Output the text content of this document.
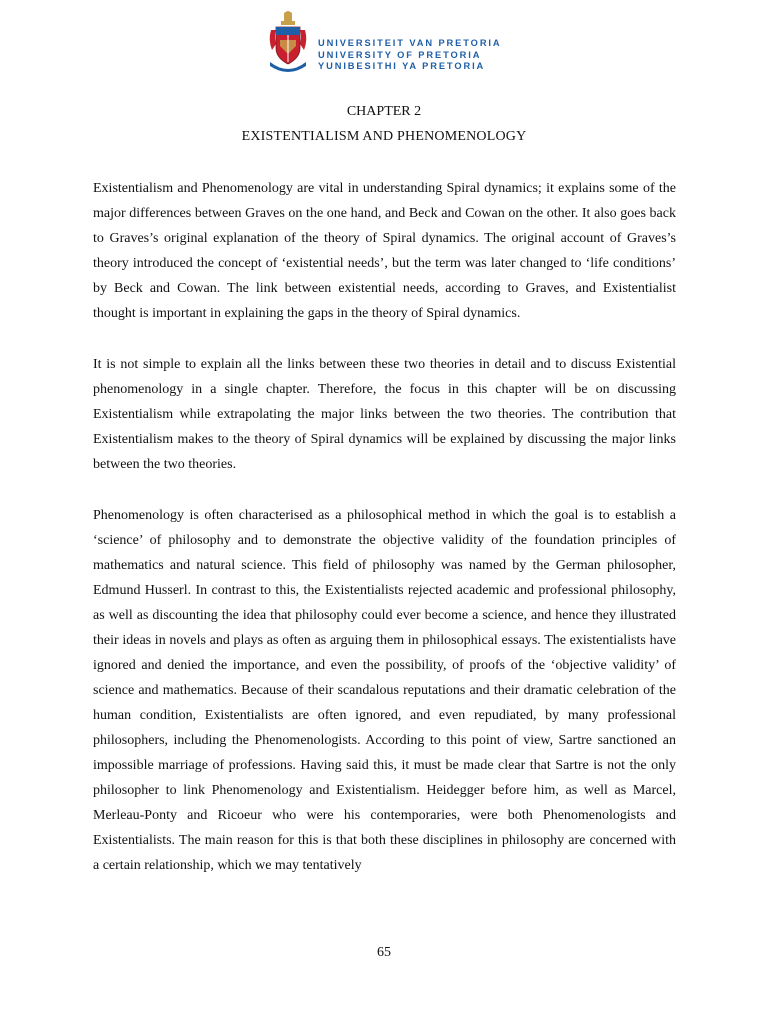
UNIVERSITEIT VAN PRETORIA
UNIVERSITY OF PRETORIA
YUNIBESITHI YA PRETORIA
CHAPTER 2
EXISTENTIALISM AND PHENOMENOLOGY

Existentialism and Phenomenology are vital in understanding Spiral dynamics; it explains some of the major differences between Graves on the one hand, and Beck and Cowan on the other. It also goes back to Graves’s original explanation of the theory of Spiral dynamics. The original account of Graves’s theory introduced the concept of ‘existential needs’, but the term was later changed to ‘life conditions’ by Beck and Cowan. The link between existential needs, according to Graves, and Existentialist thought is important in explaining the gaps in the theory of Spiral dynamics.

It is not simple to explain all the links between these two theories in detail and to discuss Existential phenomenology in a single chapter. Therefore, the focus in this chapter will be on discussing Existentialism while extrapolating the major links between the two theories. The contribution that Existentialism makes to the theory of Spiral dynamics will be explained by discussing the major links between the two theories.

Phenomenology is often characterised as a philosophical method in which the goal is to establish a ‘science’ of philosophy and to demonstrate the objective validity of the foundation principles of mathematics and natural science. This field of philosophy was named by the German philosopher, Edmund Husserl. In contrast to this, the Existentialists rejected academic and professional philosophy, as well as discounting the idea that philosophy could ever become a science, and hence they illustrated their ideas in novels and plays as often as arguing them in philosophical essays. The existentialists have ignored and denied the importance, and even the possibility, of proofs of the ‘objective validity’ of science and mathematics. Because of their scandalous reputations and their dramatic celebration of the human condition, Existentialists are often ignored, and even repudiated, by many professional philosophers, including the Phenomenologists. According to this point of view, Sartre sanctioned an impossible marriage of professions. Having said this, it must be made clear that Sartre is not the only philosopher to link Phenomenology and Existentialism. Heidegger before him, as well as Marcel, Merleau-Ponty and Ricoeur who were his contemporaries, were both Phenomenologists and Existentialists. The main reason for this is that both these disciplines in philosophy are concerned with a certain relationship, which we may tentatively

65
